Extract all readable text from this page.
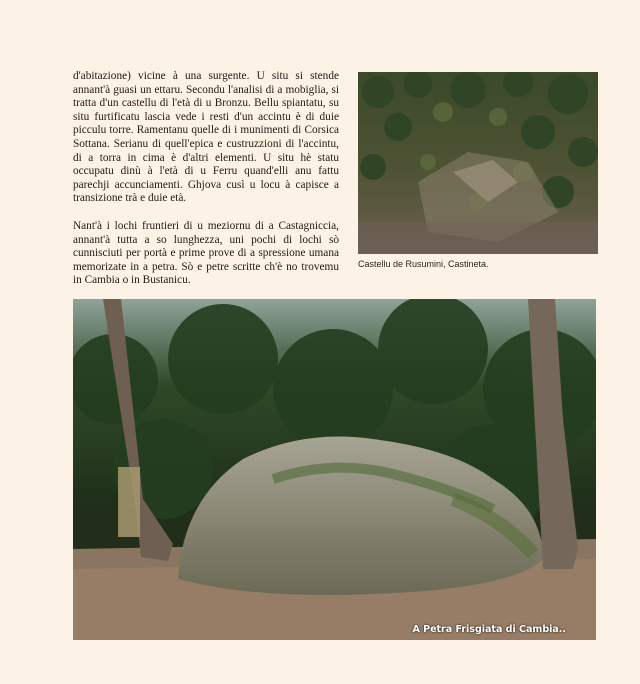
d'abitazione) vicine à una surgente. U situ si stende annant'à guasi un ettaru. Secondu l'analisi di a mobiglia, si tratta d'un castellu di l'età di u Bronzu. Bellu spiantatu, su situ furtificatu lascia vede i resti d'un accintu è di duie picculu torre. Ramentanu quelle di i munimenti di Corsica Sottana. Serianu di quell'epica e custruzzioni di l'accintu, di a torra in cima è d'altri elementi. U situ hè statu occupatu dinù à l'età di u Ferru quand'elli anu fattu parechji accunciamenti. Ghjova cusì u locu à capisce a transizione trà e duie età.

Nant'à i lochi fruntieri di u meziornu di a Castagniccia, annant'à tutta a so lunghezza, uni pochi di lochi sò cunnisciuti per portà e prime prove di a spressione umana memorizate in a petra. Sò e petre scritte ch'è no trovemu in Cambia o in Bustanicu.

Castellu de Rusumini, Castineta.
A Petra Frisgiata di Cambia..
